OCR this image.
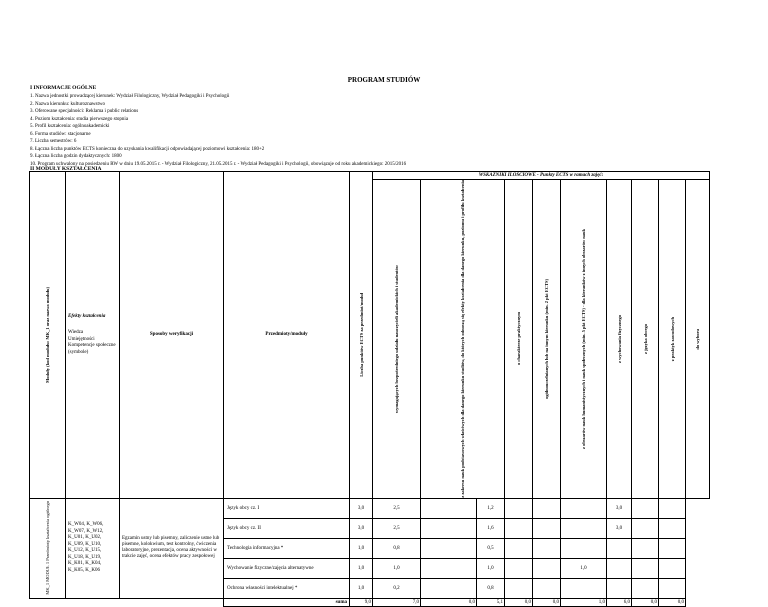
PROGRAM STUDIÓW
I INFORMACJE OGÓLNE
1. Nazwa jednostki prowadzącej kierunek: Wydział Filologiczny, Wydział Pedagogiki i Psychologii
2. Nazwa kierunku: kulturoznawstwo
3. Oferowane specjalności: Reklama i public relations
4. Poziom kształcenia: studia pierwszego stopnia
5. Profil kształcenia: ogólnoakademicki
6. Forma studiów: stacjonarne
7. Liczba semestrów: 6
8. Łączna liczba punktów ECTS konieczna do uzyskania kwalifikacji odpowiadającej poziomowi kształcenia: 180+2
9. Łączna liczba godzin dydaktycznych: 1800
10. Program uchwalony na posiedzeniu RW w dniu 19.05.2015 r. - Wydział Filologiczny, 21.05.2015 r. - Wydział Pedagogiki i Psychologii, obowiązuje od roku akademickiego: 2015/2016
II MODUŁY KSZTAŁCENIA
Moduły (kod modułu: MK_1 oraz nazwa modułu)	Efekty kształcenia
Wiedza
Umiejętności
Kompetencje społeczne
(symbole)	Sposoby weryfikacji	Przedmioty/moduły	Liczba punktów ECTS za przedmiot/moduł	WSKAŹNIKI ILOŚCIOWE - Punkty ECTS w ramach zajęć:									

					wymagających bezpośredniego udziału nauczycieli akademickich i studentów	z zakresu nauk podstawowych właściwych dla danego kierunku studiów, do których odnoszą się efekty kształcenia dla danego kierunku, poziomu i profilu kształcenia		o charakterze praktycznym	ogólnouczelnianych lub na innym kierunku (min. 2 pkt ECTS)	z obszarów nauk humanistycznych i nauk społecznych (min. 5 pkt ECTS) - dla kierunków z innych obszarów nauk	z wychowania fizycznego	z języka obcego	z praktyk zawodowych	do wyboru

MK_1 MODUŁ 1 Przedmioty kształcenia ogólnego	K_W04, K_W06, K_W07, K_W12, K_U01, K_U02, K_U09, K_U10, K_U12, K_U15, K_U18, K_U19, K_K01, K_K04, K_K05, K_K06	Egzamin ustny lub pisemny, zaliczenie ustne lub pisemne, kolokwium, test kontrolny, ćwiczenia laboratoryjne, prezentacja, ocena aktywności w trakcie zajęć, ocena efektów pracy zespołowej	Język obcy cz. I	3,0	2,5		1,2				3,0			
			Język obcy cz. II	3,0	2,5		1,6				3,0			
			Technologia informacyjna *	1,0	0,8		0,5							
			Wychowanie fizyczne/zajęcia alternatywne	1,0	1,0		1,0			1,0				
			Ochrona własności intelektualnej *	1,0	0,2		0,8							
			suma	9,0	7,0	0,0	5,1	0,0	0,0	1,0	6,0	0,0	0,0	
